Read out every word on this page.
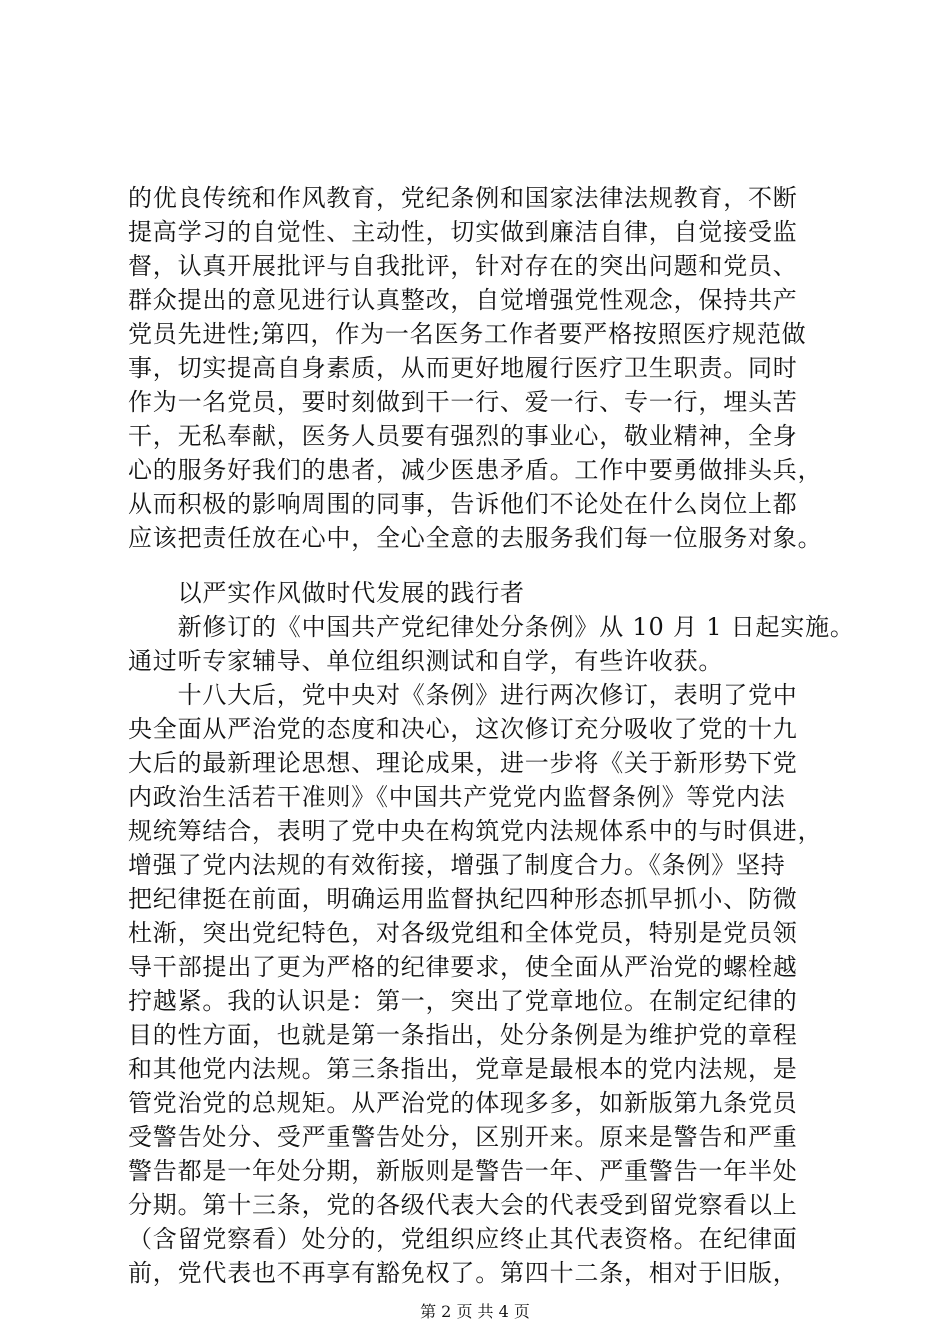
的优良传统和作风教育，党纪条例和国家法律法规教育，不断
提高学习的自觉性、主动性，切实做到廉洁自律，自觉接受监
督，认真开展批评与自我批评，针对存在的突出问题和党员、
群众提出的意见进行认真整改，自觉增强党性观念，保持共产
党员先进性;第四，作为一名医务工作者要严格按照医疗规范做
事，切实提高自身素质，从而更好地履行医疗卫生职责。同时
作为一名党员，要时刻做到干一行、爱一行、专一行，埋头苦
干，无私奉献，医务人员要有强烈的事业心，敬业精神，全身
心的服务好我们的患者，减少医患矛盾。工作中要勇做排头兵，
从而积极的影响周围的同事，告诉他们不论处在什么岗位上都
应该把责任放在心中，全心全意的去服务我们每一位服务对象。
　　以严实作风做时代发展的践行者
　　新修订的《中国共产党纪律处分条例》从 10 月 1 日起实施。
通过听专家辅导、单位组织测试和自学，有些许收获。
　　十八大后，党中央对《条例》进行两次修订，表明了党中
央全面从严治党的态度和决心，这次修订充分吸收了党的十九
大后的最新理论思想、理论成果，进一步将《关于新形势下党
内政治生活若干准则》《中国共产党党内监督条例》等党内法
规统筹结合，表明了党中央在构筑党内法规体系中的与时俱进，
增强了党内法规的有效衔接，增强了制度合力。《条例》坚持
把纪律挺在前面，明确运用监督执纪四种形态抓早抓小、防微
杜渐，突出党纪特色，对各级党组和全体党员，特别是党员领
导干部提出了更为严格的纪律要求，使全面从严治党的螺栓越
拧越紧。我的认识是：第一，突出了党章地位。在制定纪律的
目的性方面，也就是第一条指出，处分条例是为维护党的章程
和其他党内法规。第三条指出，党章是最根本的党内法规，是
管党治党的总规矩。从严治党的体现多多，如新版第九条党员
受警告处分、受严重警告处分，区别开来。原来是警告和严重
警告都是一年处分期，新版则是警告一年、严重警告一年半处
分期。第十三条，党的各级代表大会的代表受到留党察看以上
（含留党察看）处分的，党组织应终止其代表资格。在纪律面
前，党代表也不再享有豁免权了。第四十二条，相对于旧版，
第 2 页 共 4 页
